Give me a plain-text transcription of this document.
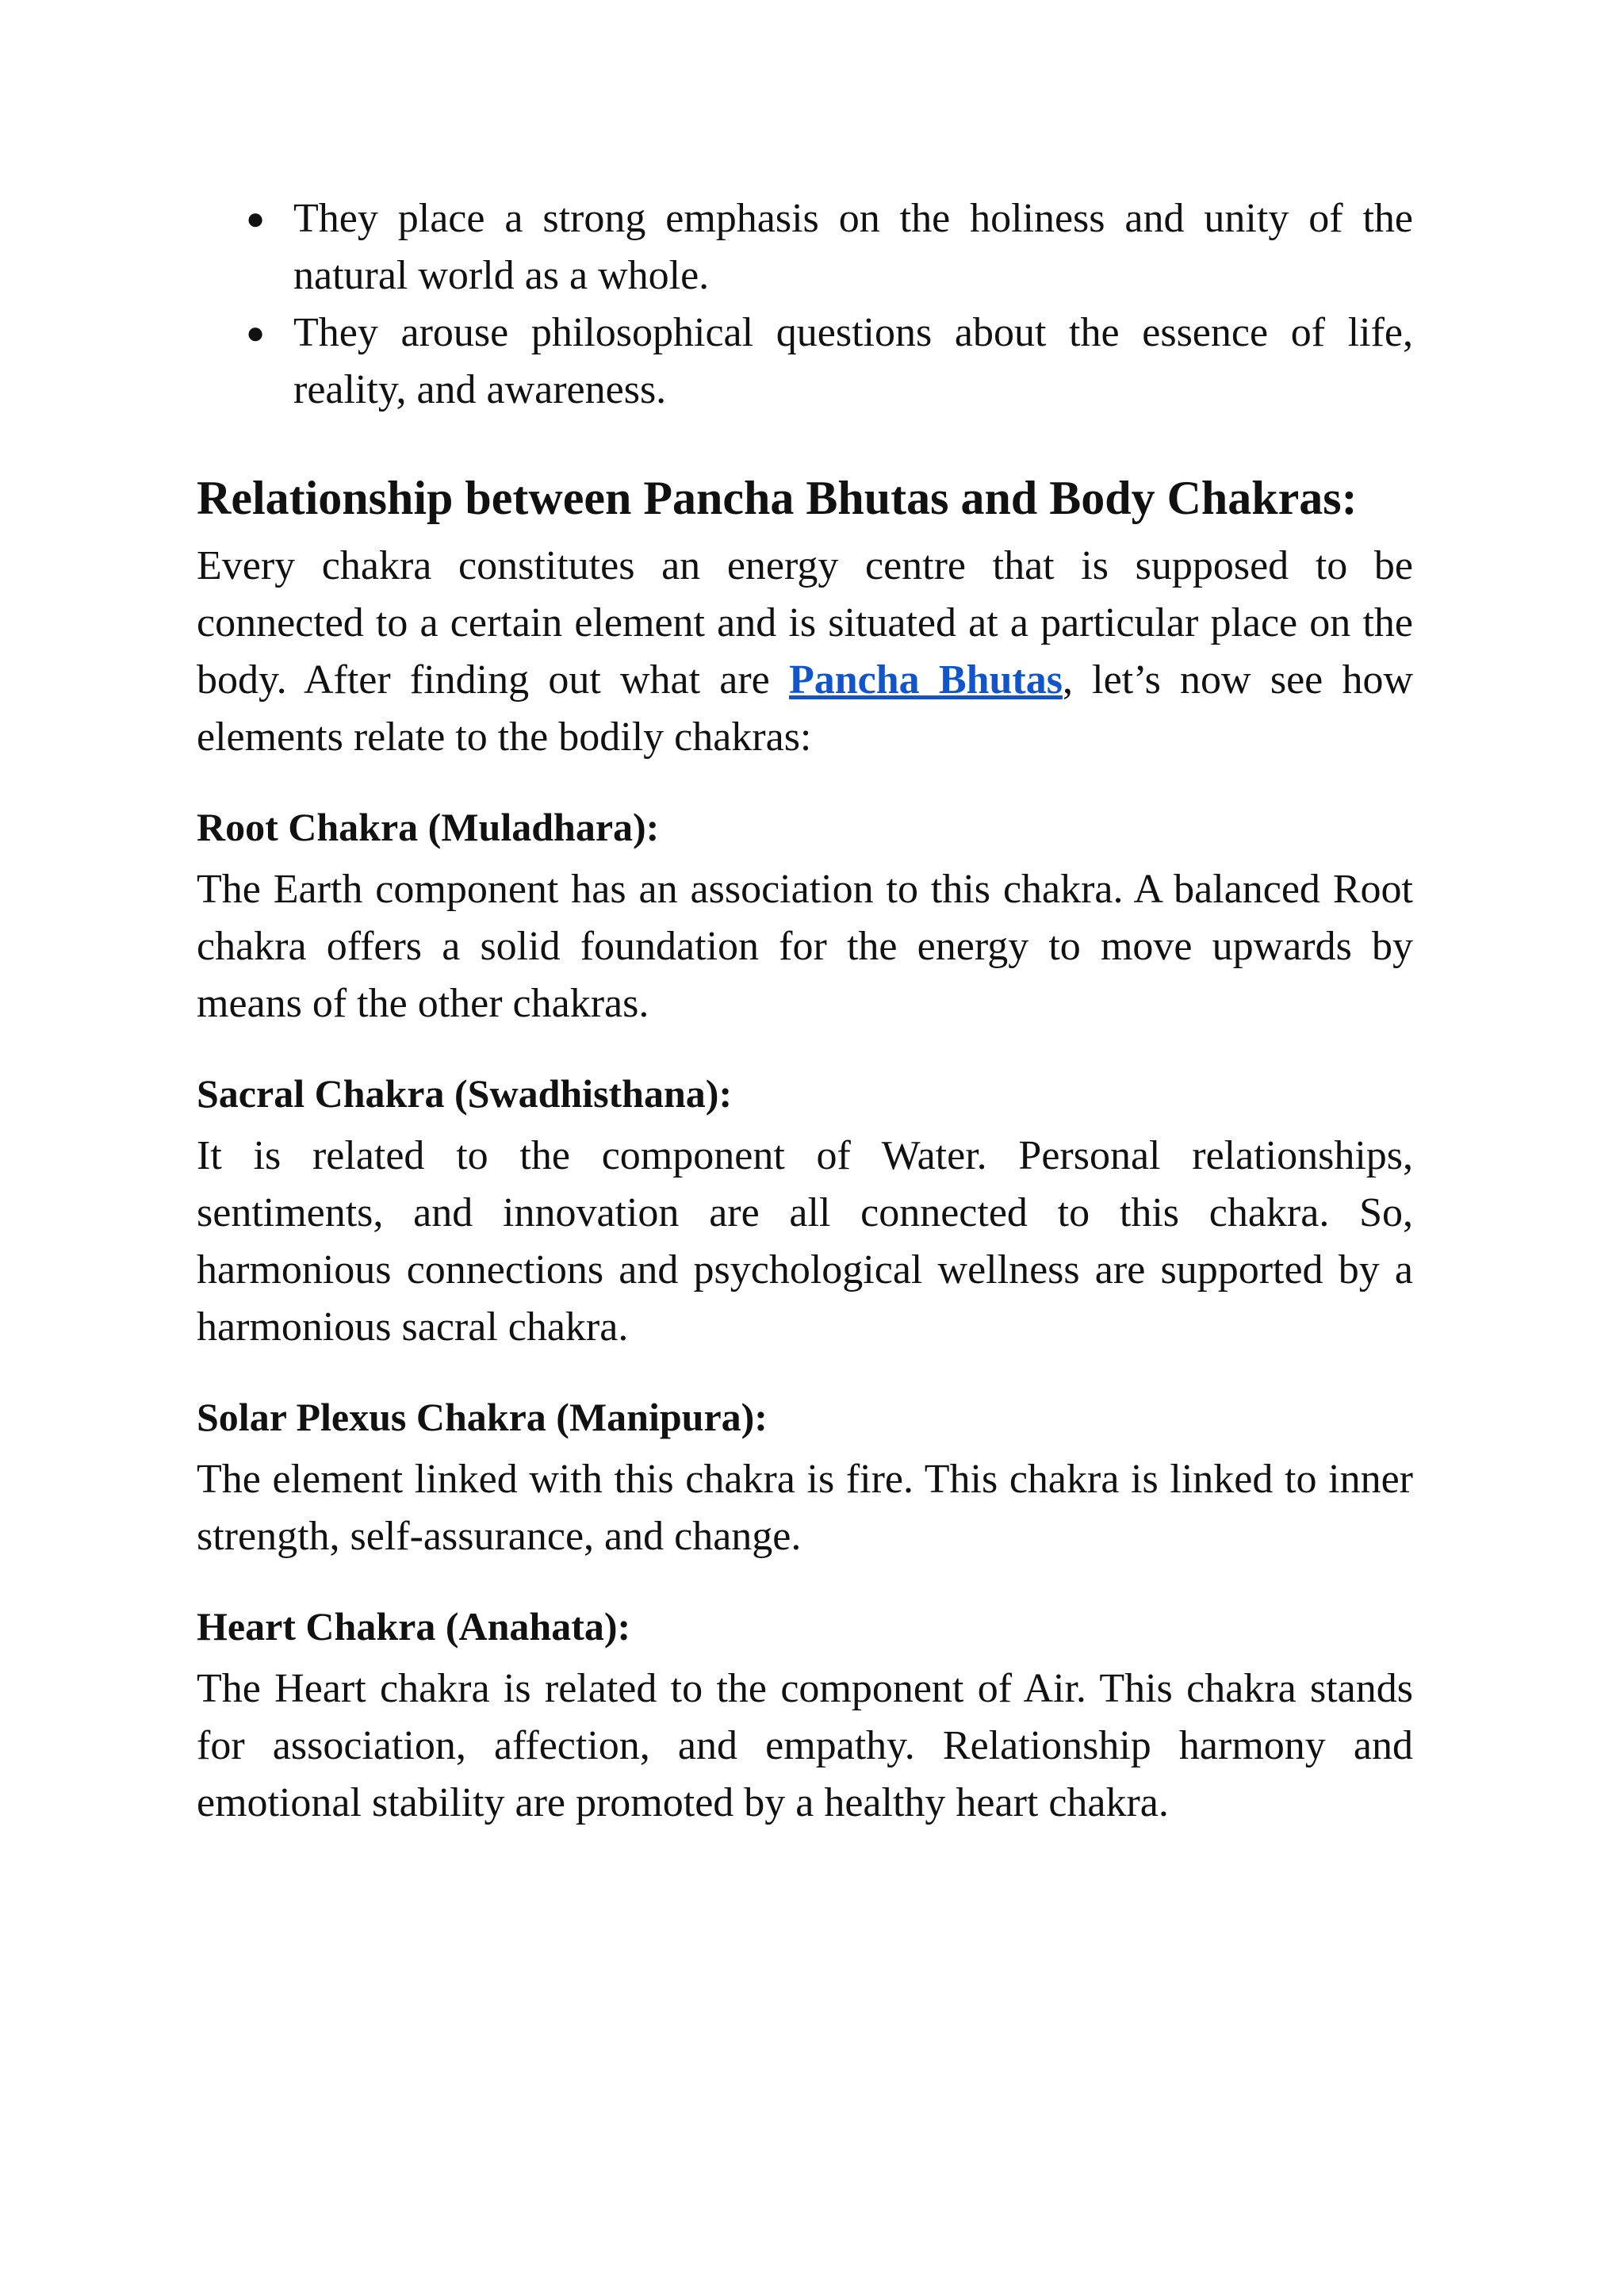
● They place a strong emphasis on the holiness and unity of the natural world as a whole.
● They arouse philosophical questions about the essence of life, reality, and awareness.
Relationship between Pancha Bhutas and Body Chakras:

Every chakra constitutes an energy centre that is supposed to be connected to a certain element and is situated at a particular place on the body. After finding out what are Pancha Bhutas, let’s now see how elements relate to the bodily chakras:

Root Chakra (Muladhara):

The Earth component has an association to this chakra. A balanced Root chakra offers a solid foundation for the energy to move upwards by means of the other chakras.

Sacral Chakra (Swadhisthana):

It is related to the component of Water. Personal relationships, sentiments, and innovation are all connected to this chakra. So, harmonious connections and psychological wellness are supported by a harmonious sacral chakra.

Solar Plexus Chakra (Manipura):

The element linked with this chakra is fire. This chakra is linked to inner strength, self-assurance, and change.

Heart Chakra (Anahata):

The Heart chakra is related to the component of Air. This chakra stands for association, affection, and empathy. Relationship harmony and emotional stability are promoted by a healthy heart chakra.
